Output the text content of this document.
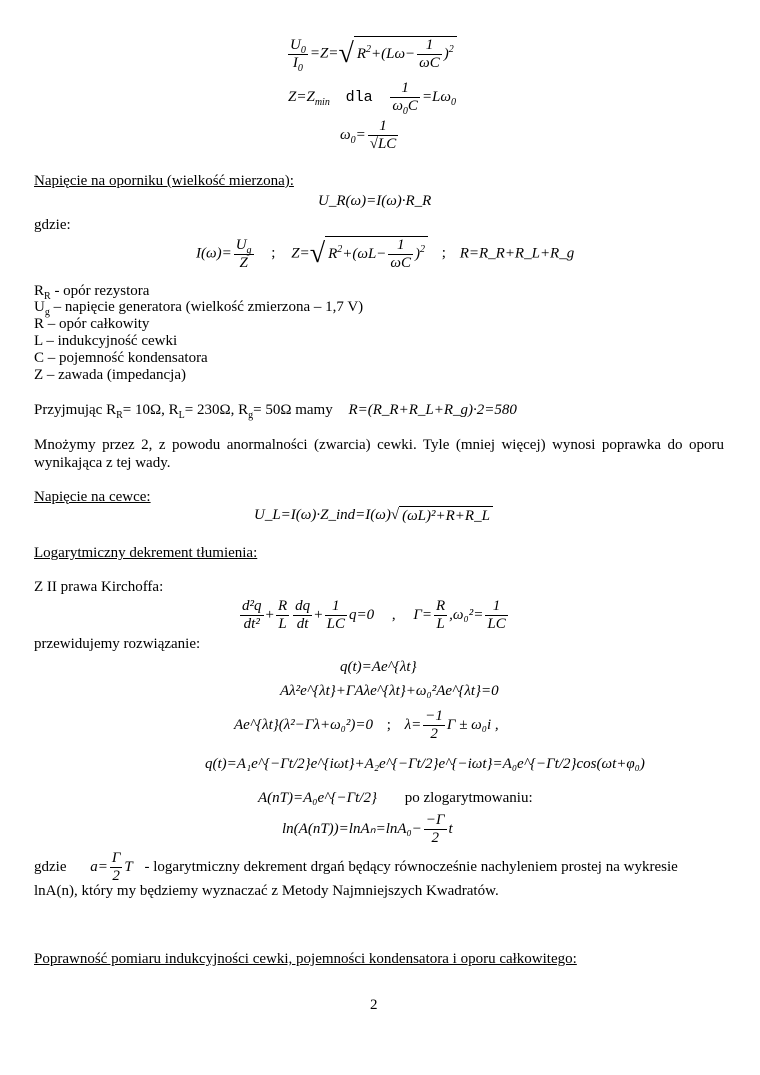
$\frac{U_0}{I_0} =Z=√$ $R^2+(L\omega- \frac{1}{\omega C} )^2$
$Z=Z_{min}$ dla $\frac{1}{\omega_0C} =L\omega_0$
$\omega_0= \frac{1}{√LC}$
Napięcie na oporniku (wielkość mierzona):
U_R(ω)=I(ω)·R_R
gdzie:
$I(\omega)= \frac{U_g}{Z}$ ; Z=√ $R^2+(\omega L- \frac{1}{\omega C} )^2$ ; R=R_R+R_L+R_g
$R_R$ - opór rezystora
$U_g$ – napięcie generatora (wielkość zmierzona – 1,7 V)
R – opór całkowity
L – indukcyjność cewki
C – pojemność kondensatora
Z – zawada (impedancja)
Przyjmując $R_R= 10\Omega$, $R_L= 230\Omega$, $R_g= 50\Omega$ mamy R=(R_R+R_L+R_g)·2=580
Mnożymy przez 2, z powodu anormalności (zwarcia) cewki. Tyle (mniej więcej) wynosi poprawka do oporu wynikająca z tej wady.
Napięcie na cewce:
U_L=I(ω)·Z_ind=I(ω)√ (ωL)²+R+R_L
Logarytmiczny dekrement tłumienia:
Z II prawa Kirchoffa:
$\frac{\text{d²q}}{\text{dt²}} + \frac{R}{L} \frac{dq}{dt} + \frac{1}{LC} q=0$ , $\Gamma= \frac{R}{L} ,\omega_0^2= \frac{1}{LC}$
przewidujemy rozwiązanie:
q(t)=Ae^{λt}
Aλ²e^{λt}+ΓAλe^{λt}+ω₀²Ae^{λt}=0
Ae^{λt}(λ²−Γλ+ω₀²)=0 ; $\lambda= \frac{-1}{2}$ Γ ± ω₀i ,
q(t)=A₁e^{−Γt/2}e^{iωt}+A₂e^{−Γt/2}e^{−iωt}=A₀e^{−Γt/2}cos(ωt+φ₀)
A(nT)=A₀e^{−Γt/2} po zlogarytmowaniu:
$\ln(A(nT))=\ln A_n=\ln A_0- \frac{-\Gamma}{2}$ t
gdzie $a= \frac{\Gamma}{2}$ T - logarytmiczny dekrement drgań będący równocześnie nachyleniem prostej na wykresie
lnA(n), który my będziemy wyznaczać z Metody Najmniejszych Kwadratów.
Poprawność pomiaru indukcyjności cewki, pojemności kondensatora i oporu całkowitego:
2
